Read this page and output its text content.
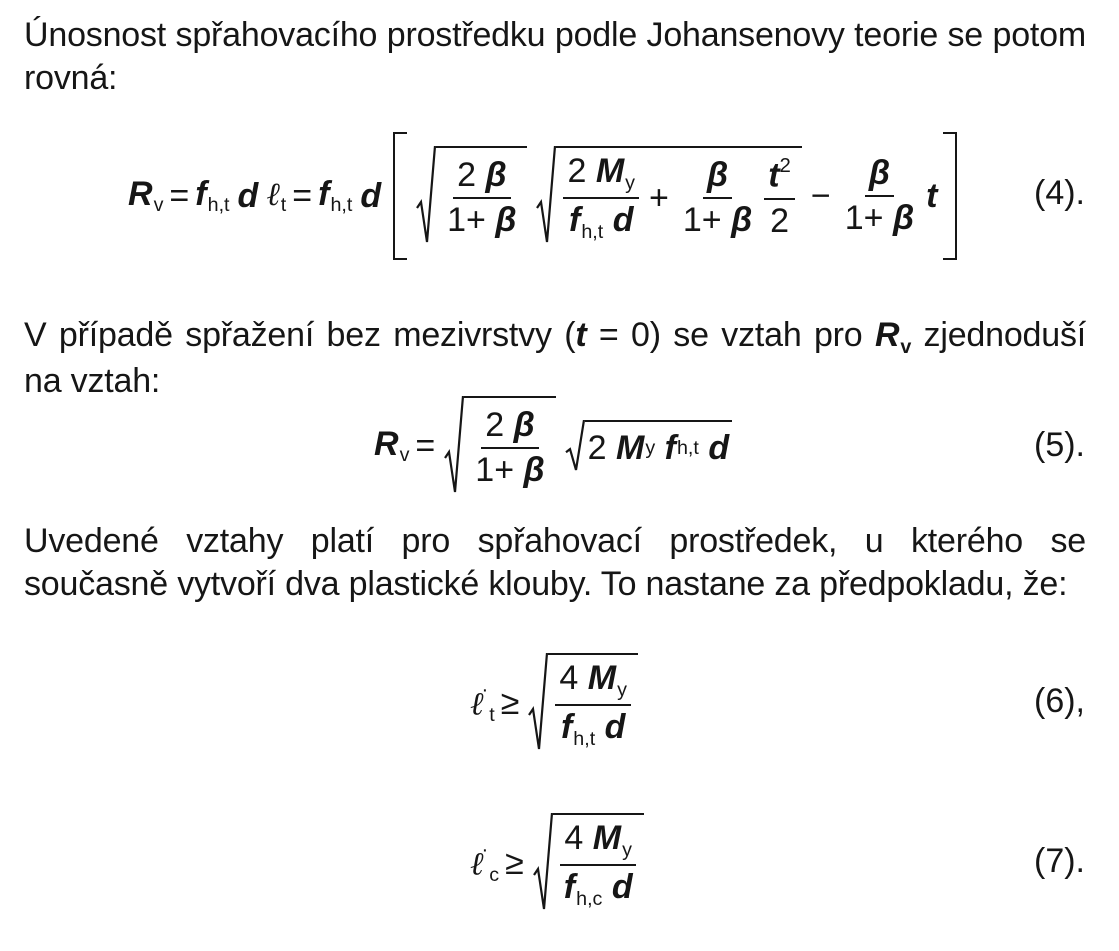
Únosnost spřahovacího prostředku podle Johansenovy teorie se potom rovná:
$R_v = f_{h,t}$ d ℓ$_t$ = $f_{h,t}$ d $\frac{2 \beta}{1+ \beta} \frac{2 M_y}{f_{h,t} d} + \frac{\beta}{1+ \beta} \frac{t^2}{2} - \frac{\beta}{1+ \beta}$ t	(4).
V případě spřažení bez mezivrstvy (t = 0) se vztah pro $R_v$ zjednoduší na vztah:
$R_v = \frac{2 \beta}{1+ \beta} 2$
M y
f h,t
d	(5).
Uvedené vztahy platí pro spřahovací prostředek, u kterého se současně vytvoří dva plastické klouby. To nastane za předpokladu, že:
ℓ·$_t$ ≥ $\frac{4 M_y}{f_{h,t} d}$	(6),
ℓ·$_c$ ≥ $\frac{4 M_y}{f_{h,c} d}$	(7).
